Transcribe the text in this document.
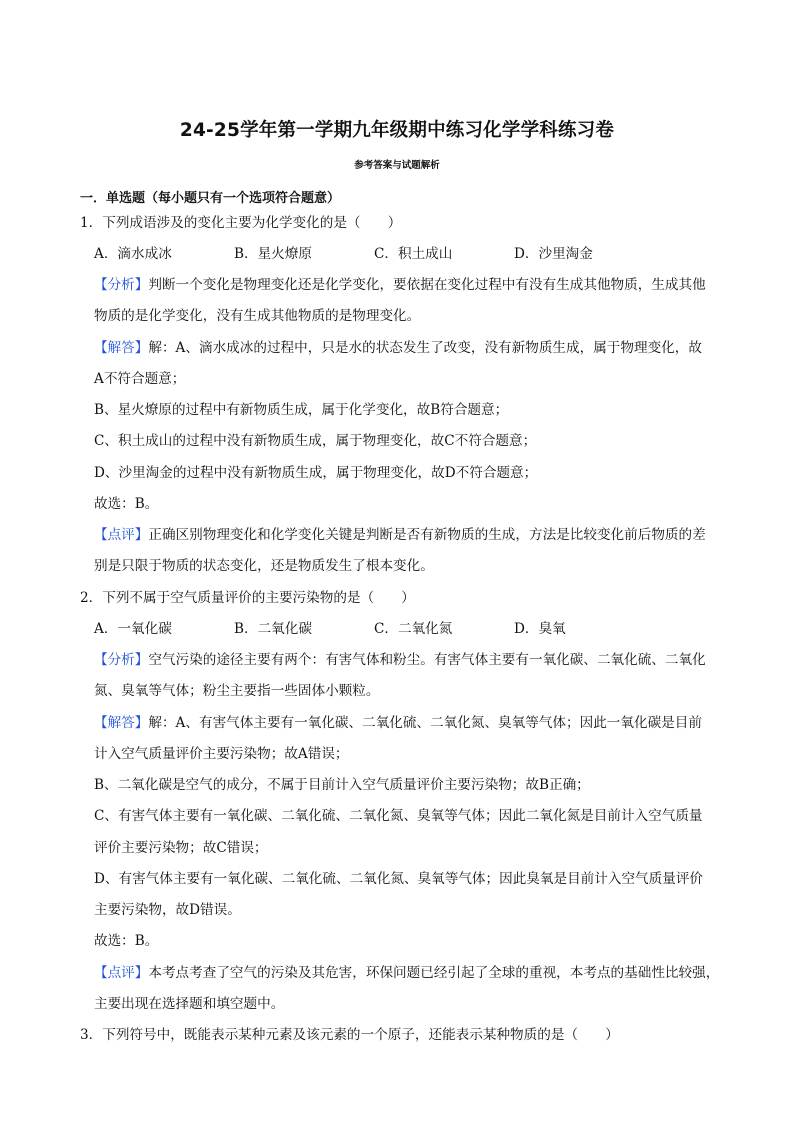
24-25学年第一学期九年级期中练习化学学科练习卷
参考答案与试题解析
一．单选题（每小题只有一个选项符合题意）
1．下列成语涉及的变化主要为化学变化的是（　　）
A．滴水成冰	B．星火燎原	C．积土成山	D．沙里淘金
【分析】判断一个变化是物理变化还是化学变化，要依据在变化过程中有没有生成其他物质，生成其他
物质的是化学变化，没有生成其他物质的是物理变化。
【解答】解：A、滴水成冰的过程中，只是水的状态发生了改变，没有新物质生成，属于物理变化，故
A不符合题意；
B、星火燎原的过程中有新物质生成，属于化学变化，故B符合题意；
C、积土成山的过程中没有新物质生成，属于物理变化，故C不符合题意；
D、沙里淘金的过程中没有新物质生成，属于物理变化，故D不符合题意；
故选：B。
【点评】正确区别物理变化和化学变化关键是判断是否有新物质的生成，方法是比较变化前后物质的差
别是只限于物质的状态变化，还是物质发生了根本变化。
2．下列不属于空气质量评价的主要污染物的是（　　）
A．一氧化碳	B．二氧化碳	C．二氧化氮	D．臭氧
【分析】空气污染的途径主要有两个：有害气体和粉尘。有害气体主要有一氧化碳、二氧化硫、二氧化
氮、臭氧等气体；粉尘主要指一些固体小颗粒。
【解答】解：A、有害气体主要有一氧化碳、二氧化硫、二氧化氮、臭氧等气体；因此一氧化碳是目前
计入空气质量评价主要污染物；故A错误；
B、二氧化碳是空气的成分，不属于目前计入空气质量评价主要污染物；故B正确；
C、有害气体主要有一氧化碳、二氧化硫、二氧化氮、臭氧等气体；因此二氧化氮是目前计入空气质量
评价主要污染物；故C错误；
D、有害气体主要有一氧化碳、二氧化硫、二氧化氮、臭氧等气体；因此臭氧是目前计入空气质量评价
主要污染物，故D错误。
故选：B。
【点评】本考点考查了空气的污染及其危害，环保问题已经引起了全球的重视，本考点的基础性比较强，
主要出现在选择题和填空题中。
3．下列符号中，既能表示某种元素及该元素的一个原子，还能表示某种物质的是（　　）
